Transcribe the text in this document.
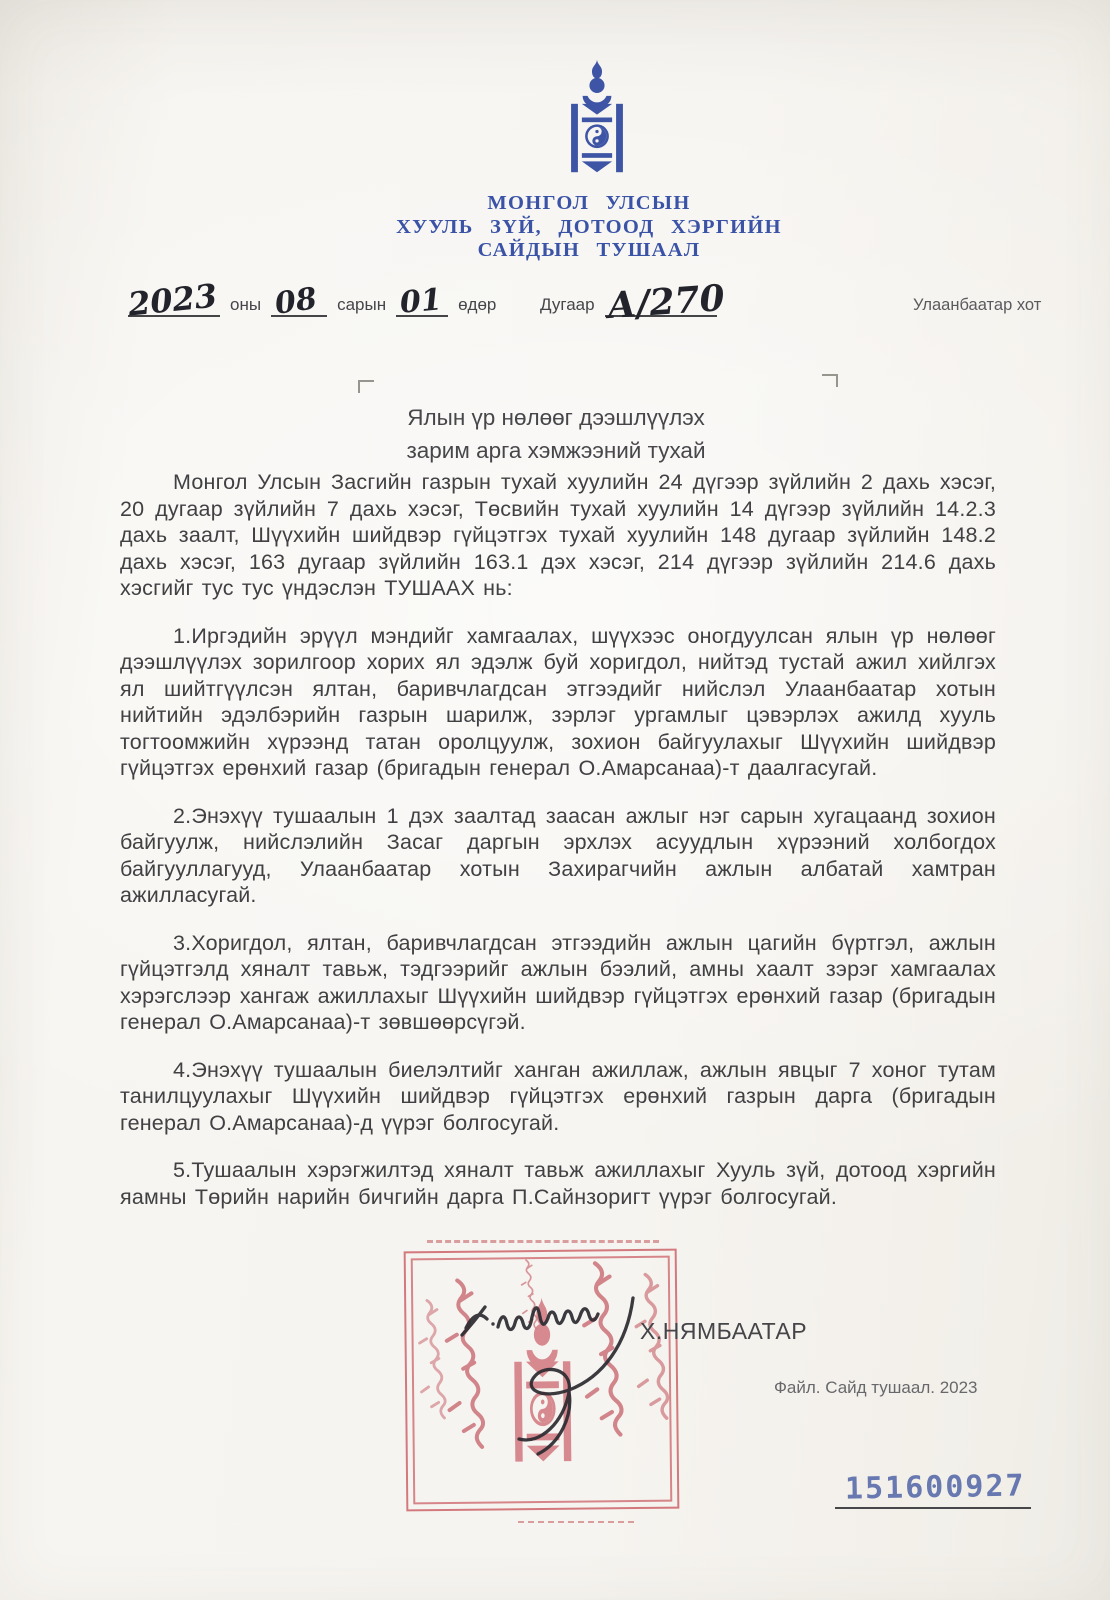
МОНГОЛ УЛСЫН
ХУУЛЬ ЗҮЙ, ДОТООД ХЭРГИЙН
САЙДЫН ТУШААЛ
2023 оны 08 сарын 01 өдөр	Дугаар А/270	Улаанбаатар хот
Ялын үр нөлөөг дээшлүүлэх
зарим арга хэмжээний тухай

Монгол Улсын Засгийн газрын тухай хуулийн 24 дүгээр зүйлийн 2 дахь хэсэг, 20 дугаар зүйлийн 7 дахь хэсэг, Төсвийн тухай хуулийн 14 дүгээр зүйлийн 14.2.3 дахь заалт, Шүүхийн шийдвэр гүйцэтгэх тухай хуулийн 148 дугаар зүйлийн 148.2 дахь хэсэг, 163 дугаар зүйлийн 163.1 дэх хэсэг, 214 дүгээр зүйлийн 214.6 дахь хэсгийг тус тус үндэслэн ТУШААХ нь:

1.Иргэдийн эрүүл мэндийг хамгаалах, шүүхээс оногдуулсан ялын үр нөлөөг дээшлүүлэх зорилгоор хорих ял эдэлж буй хоригдол, нийтэд тустай ажил хийлгэх ял шийтгүүлсэн ялтан, баривчлагдсан этгээдийг нийслэл Улаанбаатар хотын нийтийн эдэлбэрийн газрын шарилж, зэрлэг ургамлыг цэвэрлэх ажилд хууль тогтоомжийн хүрээнд татан оролцуулж, зохион байгуулахыг Шүүхийн шийдвэр гүйцэтгэх ерөнхий газар (бригадын генерал О.Амарсанаа)-т даалгасугай.

2.Энэхүү тушаалын 1 дэх заалтад заасан ажлыг нэг сарын хугацаанд зохион байгуулж, нийслэлийн Засаг даргын эрхлэх асуудлын хүрээний холбогдох байгууллагууд, Улаанбаатар хотын Захирагчийн ажлын албатай хамтран ажилласугай.

3.Хоригдол, ялтан, баривчлагдсан этгээдийн ажлын цагийн бүртгэл, ажлын гүйцэтгэлд хяналт тавьж, тэдгээрийг ажлын бээлий, амны хаалт зэрэг хамгаалах хэрэгслээр хангаж ажиллахыг Шүүхийн шийдвэр гүйцэтгэх ерөнхий газар (бригадын генерал О.Амарсанаа)-т зөвшөөрсүгэй.

4.Энэхүү тушаалын биелэлтийг ханган ажиллаж, ажлын явцыг 7 хоног тутам танилцуулахыг Шүүхийн шийдвэр гүйцэтгэх ерөнхий газрын дарга (бригадын генерал О.Амарсанаа)-д үүрэг болгосугай.

5.Тушаалын хэрэгжилтэд хяналт тавьж ажиллахыг Хууль зүй, дотоод хэргийн яамны Төрийн нарийн бичгийн дарга П.Сайнзоригт үүрэг болгосугай.

Х.НЯМБААТАР
Файл. Сайд тушаал. 2023
151600927
